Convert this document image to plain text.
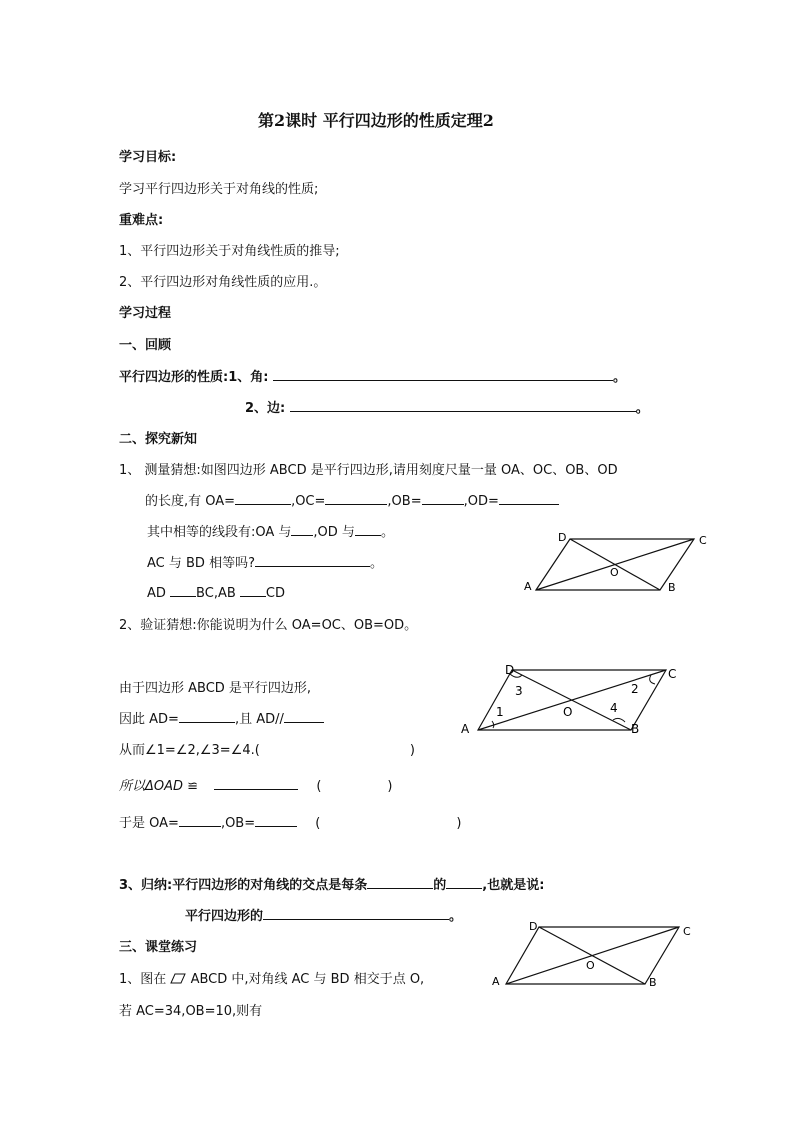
第2课时 平行四边形的性质定理2
学习目标:
学习平行四边形关于对角线的性质;
重难点:
1、平行四边形关于对角线性质的推导;
2、平行四边形对角线性质的应用.。
学习过程
一、回顾
平行四边形的性质:1、角:	。
2、边:	。
二、探究新知
1、 测量猜想:如图四边形 ABCD 是平行四边形,请用刻度尺量一量 OA、OC、OB、OD
的长度,有 OA=	,OC=	,OB=	,OD=
其中相等的线段有:OA 与 ,OD 与 。
AC 与 BD 相等吗?	。
AD BC,AB CD	A	B
C
D
O
2、验证猜想:你能说明为什么 OA=OC、OB=OD。
由于四边形 ABCD 是平行四边形,
因此 AD=	,且 AD//
从而∠1=∠2,∠3=∠4.(	)
所以ΔOAD ≌	(	)
于是 OA=	,OB=	(	)
A	B
C
D
O
1
2
3
4
3、归纳:平行四边形的对角线的交点是每条	的	,也就是说:
平行四边形的	。
三、课堂练习
1、图在 ABCD 中,对角线 AC 与 BD 相交于点 O,
若 AC=34,OB=10,则有
A	B
C
D
O
